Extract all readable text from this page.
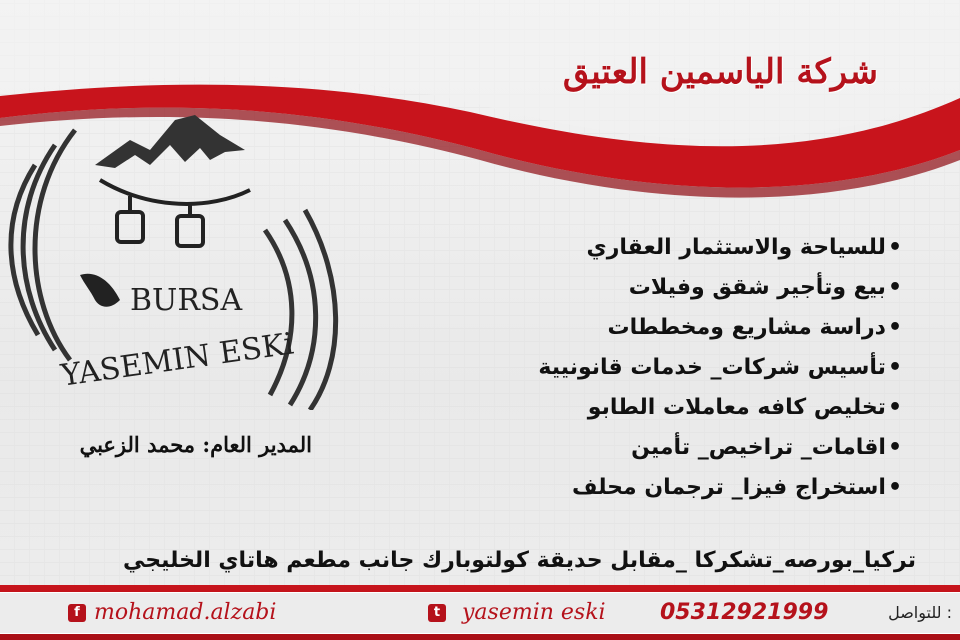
شركة الياسمين العتيق
BURSA
YASEMIN ESKi
المدير العام: محمد الزعبي
•للسياحة والاستثمار العقاري
•بيع وتأجير شقق وفيلات
•دراسة مشاريع ومخططات
•تأسيس شركات_ خدمات قانونيية
•تخليص كافه معاملات الطابو
•اقامات_ تراخيص_ تأمين
•استخراج فيزا_ ترجمان محلف
تركيا_بورصه_تشكركا _مقابل حديقة كولتوبارك جانب مطعم هاتاي الخليجي
f mohamad.alzabi	t yasemin eski 05312921999	للتواصل :
